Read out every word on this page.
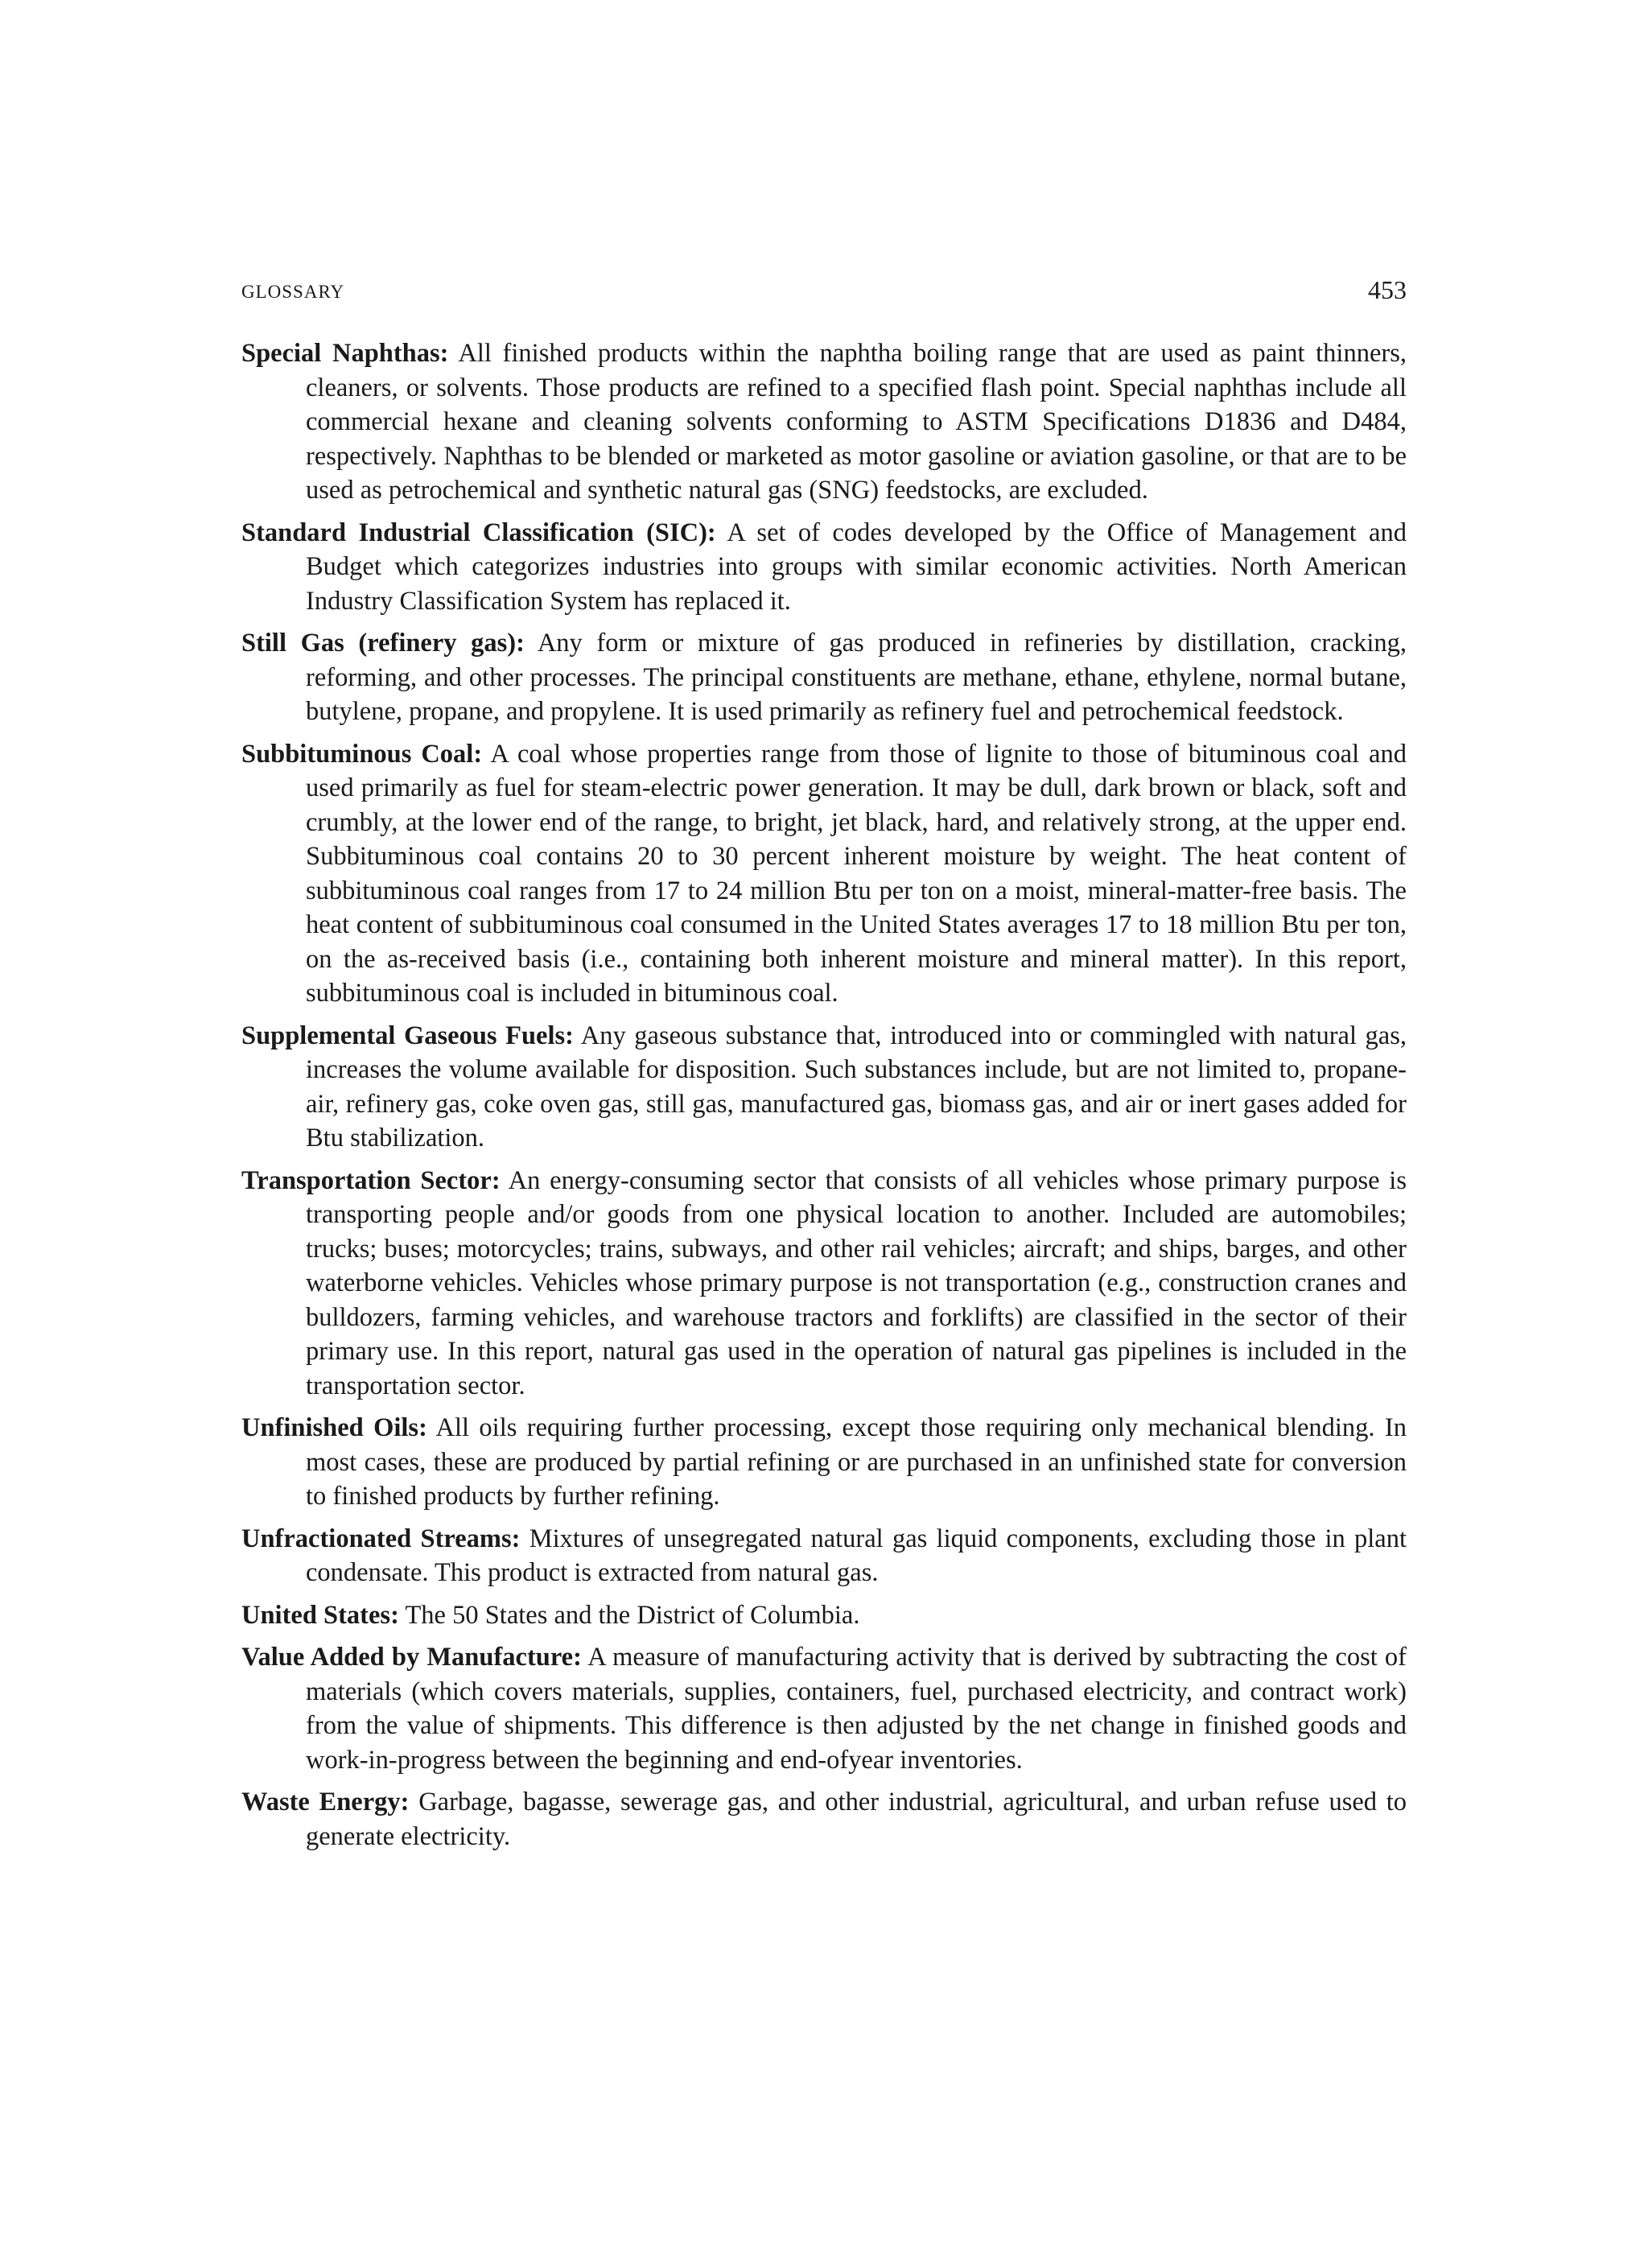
GLOSSARY	453

Special Naphthas: All finished products within the naphtha boiling range that are used as paint thinners, cleaners, or solvents. Those products are refined to a specified flash point. Special naphthas include all commercial hexane and cleaning solvents conforming to ASTM Specifications D1836 and D484, respectively. Naphthas to be blended or marketed as motor gasoline or aviation gasoline, or that are to be used as petrochemical and synthetic natural gas (SNG) feedstocks, are excluded.

Standard Industrial Classification (SIC): A set of codes developed by the Office of Management and Budget which categorizes industries into groups with similar economic activities. North American Industry Classification System has replaced it.

Still Gas (refinery gas): Any form or mixture of gas produced in refineries by distillation, cracking, reforming, and other processes. The principal constituents are methane, ethane, ethylene, normal butane, butylene, propane, and propylene. It is used primarily as refinery fuel and petrochemical feedstock.

Subbituminous Coal: A coal whose properties range from those of lignite to those of bituminous coal and used primarily as fuel for steam-electric power generation. It may be dull, dark brown or black, soft and crumbly, at the lower end of the range, to bright, jet black, hard, and relatively strong, at the upper end. Subbituminous coal contains 20 to 30 percent inherent moisture by weight. The heat content of subbituminous coal ranges from 17 to 24 million Btu per ton on a moist, mineral-matter-free basis. The heat content of subbituminous coal consumed in the United States averages 17 to 18 million Btu per ton, on the as-received basis (i.e., containing both inherent moisture and mineral matter). In this report, subbituminous coal is included in bituminous coal.

Supplemental Gaseous Fuels: Any gaseous substance that, introduced into or commingled with natural gas, increases the volume available for disposition. Such substances include, but are not limited to, propane-air, refinery gas, coke oven gas, still gas, manufactured gas, biomass gas, and air or inert gases added for Btu stabilization.

Transportation Sector: An energy-consuming sector that consists of all vehicles whose primary purpose is transporting people and/or goods from one physical location to another. Included are automobiles; trucks; buses; motorcycles; trains, subways, and other rail vehicles; aircraft; and ships, barges, and other waterborne vehicles. Vehicles whose primary purpose is not transportation (e.g., construction cranes and bulldozers, farming vehicles, and warehouse tractors and forklifts) are classified in the sector of their primary use. In this report, natural gas used in the operation of natural gas pipelines is included in the transportation sector.

Unfinished Oils: All oils requiring further processing, except those requiring only mechanical blending. In most cases, these are produced by partial refining or are purchased in an unfinished state for conversion to finished products by further refining.

Unfractionated Streams: Mixtures of unsegregated natural gas liquid components, excluding those in plant condensate. This product is extracted from natural gas.

United States: The 50 States and the District of Columbia.

Value Added by Manufacture: A measure of manufacturing activity that is derived by subtracting the cost of materials (which covers materials, supplies, containers, fuel, purchased electricity, and contract work) from the value of shipments. This difference is then adjusted by the net change in finished goods and work-in-progress between the beginning and end-ofyear inventories.

Waste Energy: Garbage, bagasse, sewerage gas, and other industrial, agricultural, and urban refuse used to generate electricity.
